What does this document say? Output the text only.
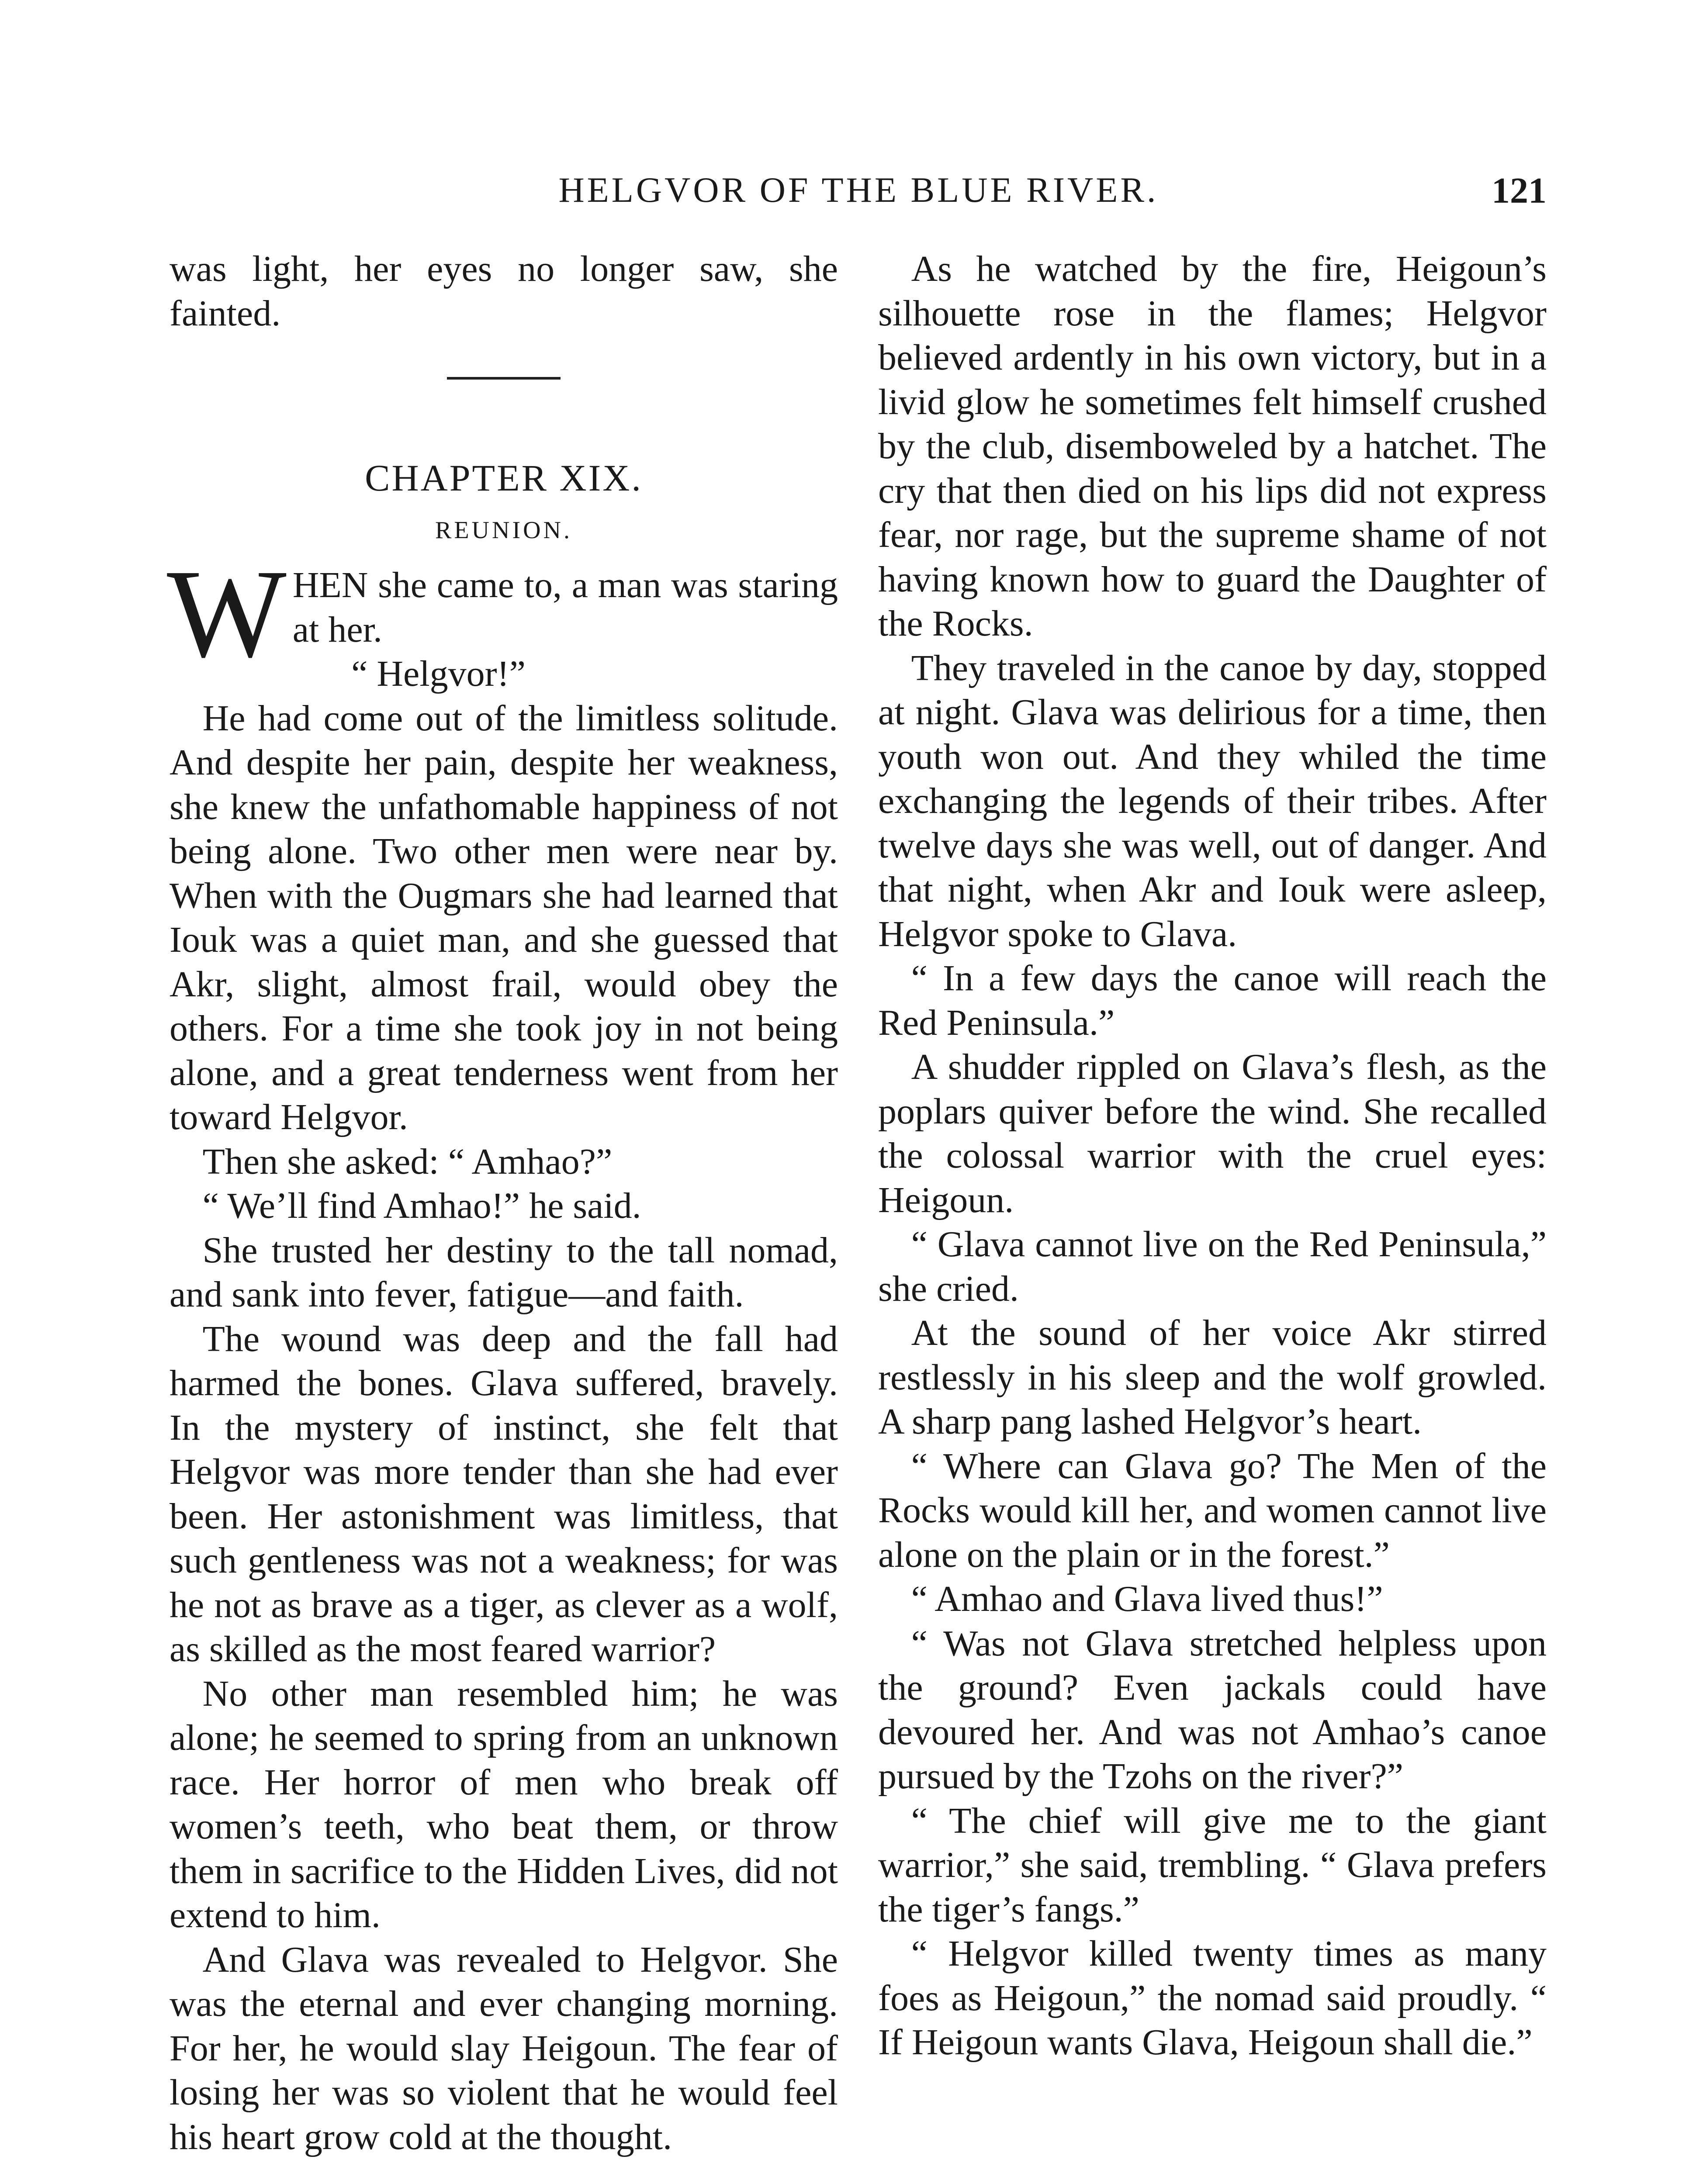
HELGVOR OF THE BLUE RIVER.	121

was light, her eyes no longer saw, she fainted.

CHAPTER XIX.
REUNION.

WHEN she came to, a man was staring at her.

“ Helgvor!”

He had come out of the limitless solitude. And despite her pain, despite her weakness, she knew the unfathomable happiness of not being alone. Two other men were near by. When with the Ougmars she had learned that Iouk was a quiet man, and she guessed that Akr, slight, almost frail, would obey the others. For a time she took joy in not being alone, and a great tenderness went from her toward Helgvor.

Then she asked: “ Amhao?”

“ We’ll find Amhao!” he said.

She trusted her destiny to the tall nomad, and sank into fever, fatigue—and faith.

The wound was deep and the fall had harmed the bones. Glava suffered, bravely. In the mystery of instinct, she felt that Helgvor was more tender than she had ever been. Her astonishment was limitless, that such gentleness was not a weakness; for was he not as brave as a tiger, as clever as a wolf, as skilled as the most feared warrior?

No other man resembled him; he was alone; he seemed to spring from an unknown race. Her horror of men who break off women’s teeth, who beat them, or throw them in sacrifice to the Hidden Lives, did not extend to him.

And Glava was revealed to Helgvor. She was the eternal and ever changing morning. For her, he would slay Heigoun. The fear of losing her was so violent that he would feel his heart grow cold at the thought.

As he watched by the fire, Heigoun’s silhouette rose in the flames; Helgvor believed ardently in his own victory, but in a livid glow he sometimes felt himself crushed by the club, disemboweled by a hatchet. The cry that then died on his lips did not express fear, nor rage, but the supreme shame of not having known how to guard the Daughter of the Rocks.

They traveled in the canoe by day, stopped at night. Glava was delirious for a time, then youth won out. And they whiled the time exchanging the legends of their tribes. After twelve days she was well, out of danger. And that night, when Akr and Iouk were asleep, Helgvor spoke to Glava.

“ In a few days the canoe will reach the Red Peninsula.”

A shudder rippled on Glava’s flesh, as the poplars quiver before the wind. She recalled the colossal warrior with the cruel eyes: Heigoun.

“ Glava cannot live on the Red Peninsula,” she cried.

At the sound of her voice Akr stirred restlessly in his sleep and the wolf growled. A sharp pang lashed Helgvor’s heart.

“ Where can Glava go? The Men of the Rocks would kill her, and women cannot live alone on the plain or in the forest.”

“ Amhao and Glava lived thus!”

“ Was not Glava stretched helpless upon the ground? Even jackals could have devoured her. And was not Amhao’s canoe pursued by the Tzohs on the river?”

“ The chief will give me to the giant warrior,” she said, trembling. “ Glava prefers the tiger’s fangs.”

“ Helgvor killed twenty times as many foes as Heigoun,” the nomad said proudly. “ If Heigoun wants Glava, Heigoun shall die.”
